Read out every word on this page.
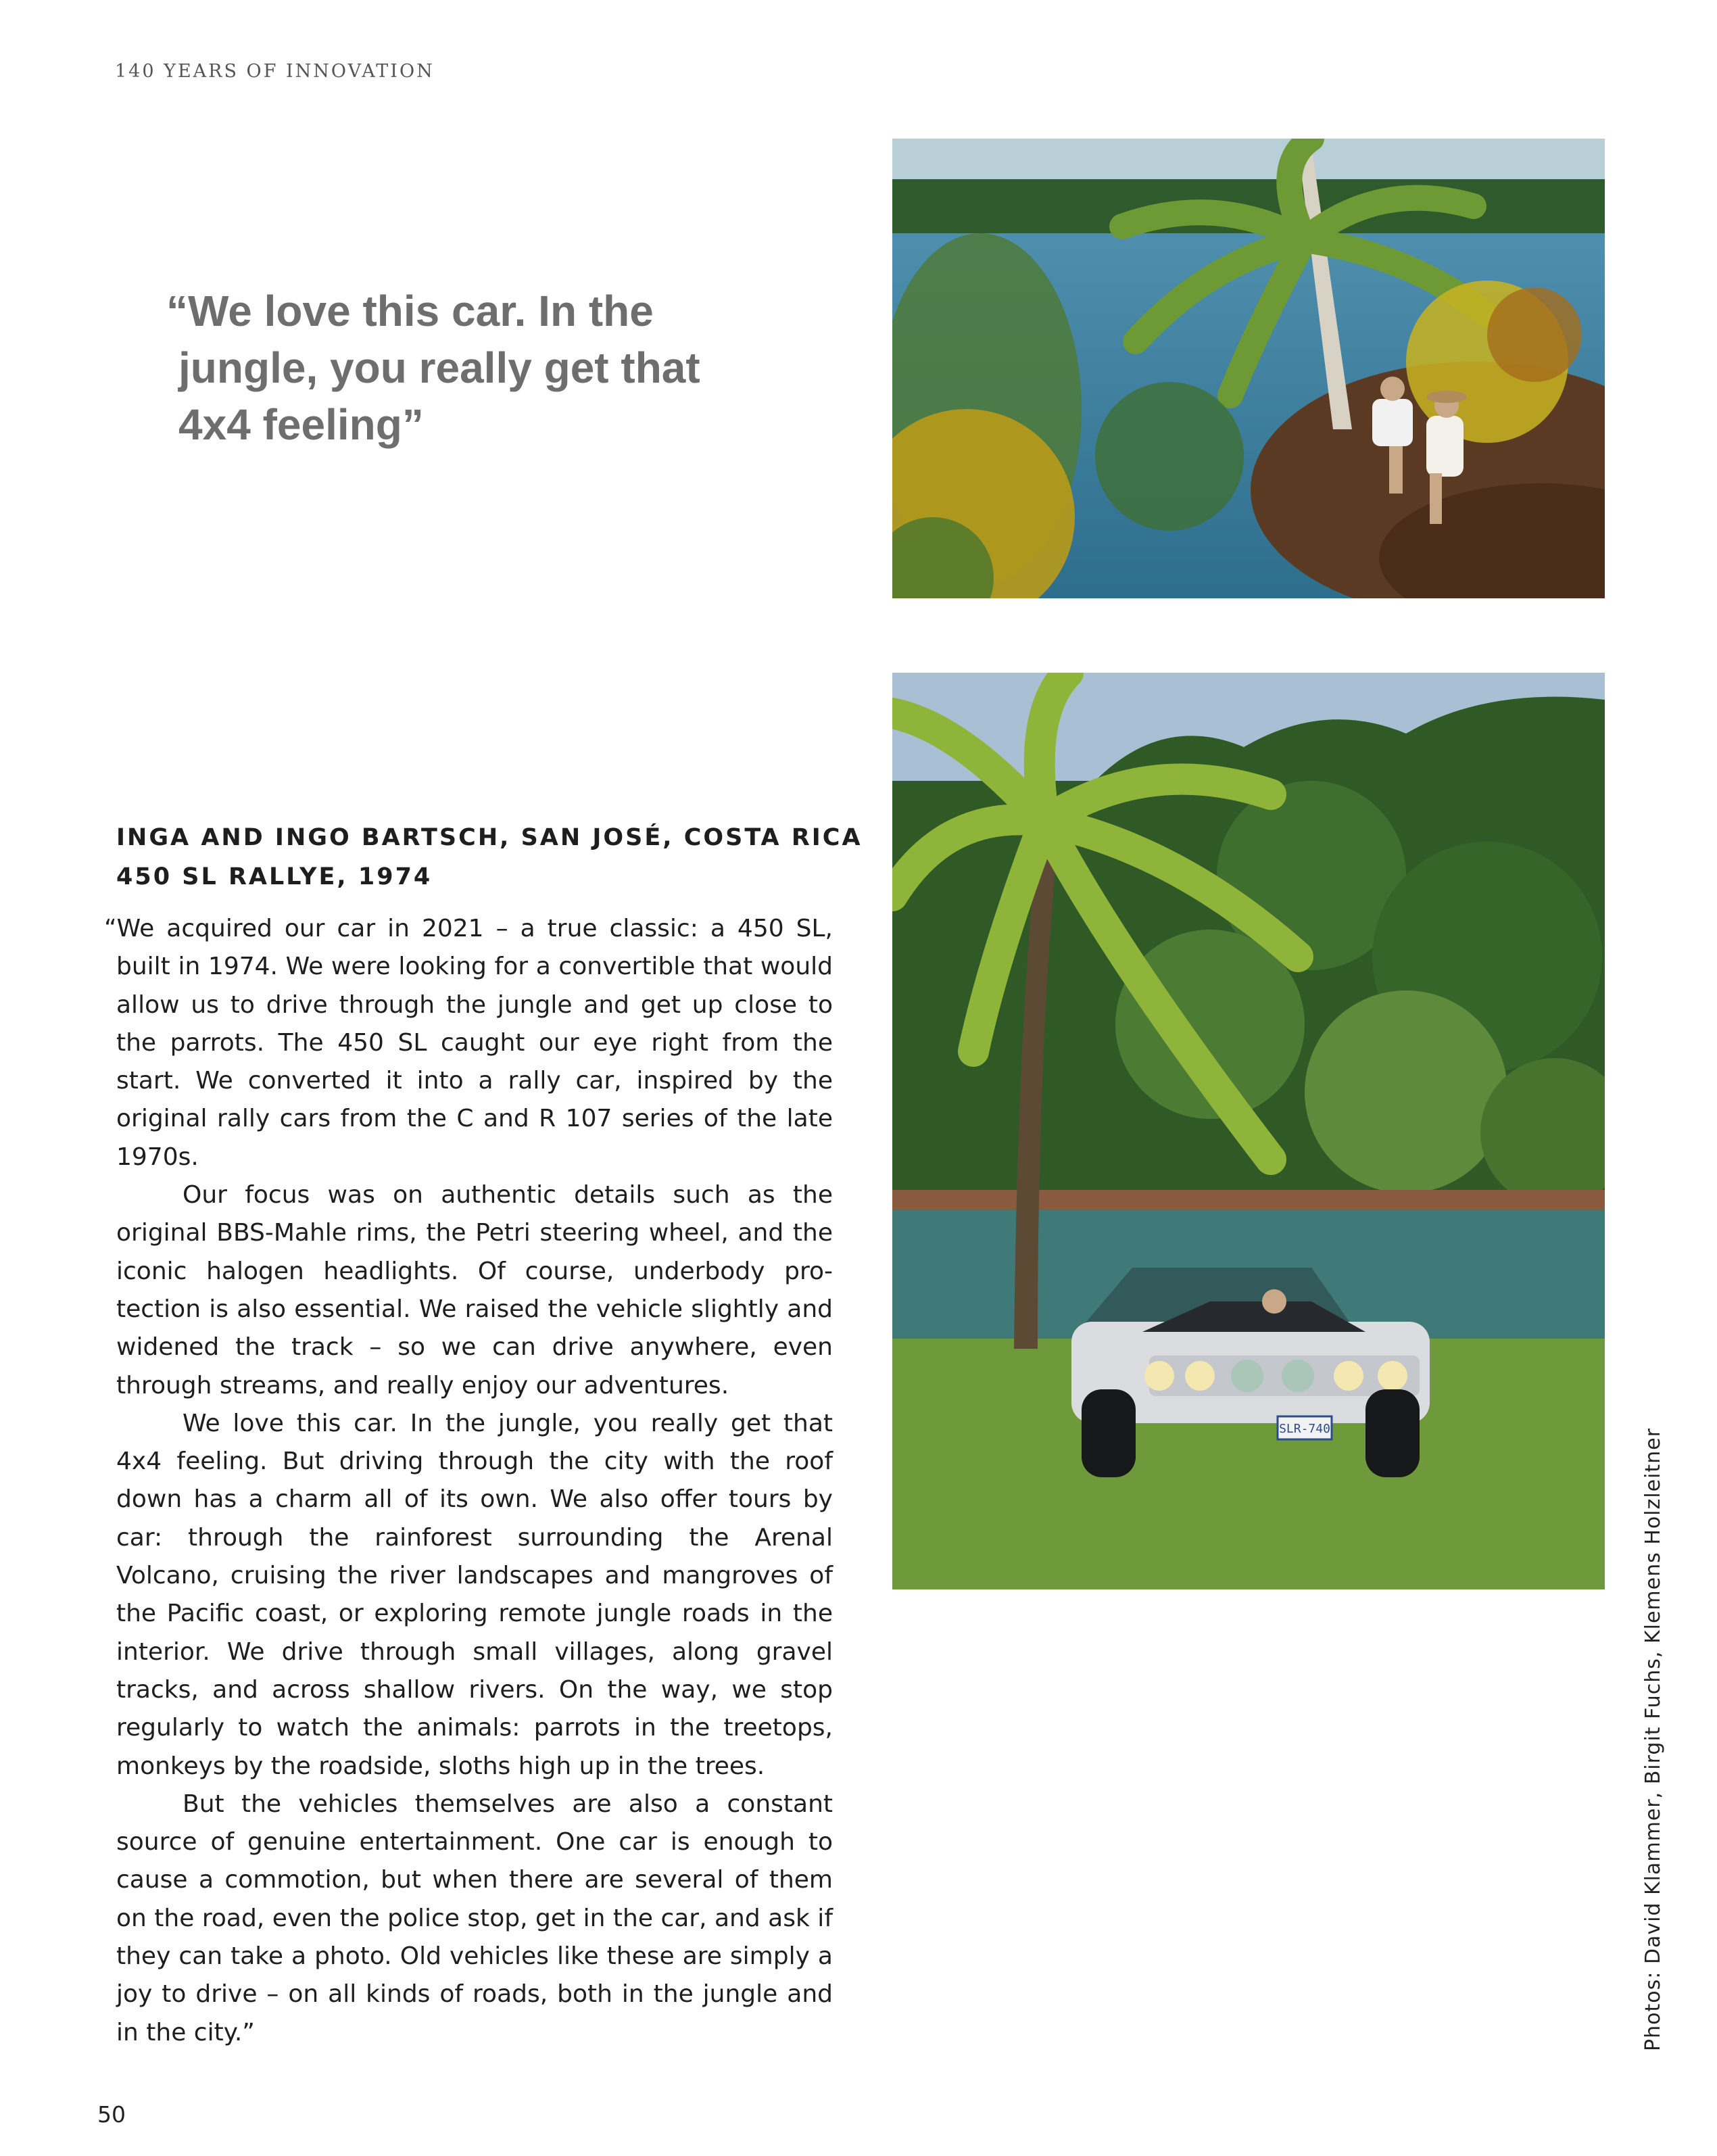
140 YEARS OF INNOVATION
“We love this car. In the
jungle, you really get that
4x4 feeling”
INGA AND INGO BARTSCH, SAN JOSÉ, COSTA RICA
450 SL RALLYE, 1974

“We acquired our car in 2021 – a true classic: a 450 SL, built in 1974. We were looking for a convertible that would allow us to drive through the jungle and get up close to the parrots. The 450 SL caught our eye right from the start. We converted it into a rally car, inspired by the original rally cars from the C and R 107 series of the late 1970s.

Our focus was on authentic details such as the original BBS-Mahle rims, the Petri steering wheel, and the iconic halogen headlights. Of course, underbody protection is also essential. We raised the vehicle slightly and widened the track – so we can drive anywhere, even through streams, and really enjoy our adventures.

We love this car. In the jungle, you really get that 4x4 feeling. But driving through the city with the roof down has a charm all of its own. We also offer tours by car: through the rainforest surrounding the Arenal Volcano, cruising the river landscapes and mangroves of the Pacific coast, or exploring remote jungle roads in the interior. We drive through small villages, along gravel tracks, and across shallow rivers. On the way, we stop regularly to watch the animals: parrots in the treetops, monkeys by the roadside, sloths high up in the trees.

But the vehicles themselves are also a constant source of genuine entertainment. One car is enough to cause a commotion, but when there are several of them on the road, even the police stop, get in the car, and ask if they can take a photo. Old vehicles like these are simply a joy to drive – on all kinds of roads, both in the jungle and in the city.”

SLR-740	Photos: David Klammer, Birgit Fuchs, Klemens Holzleitner
50
